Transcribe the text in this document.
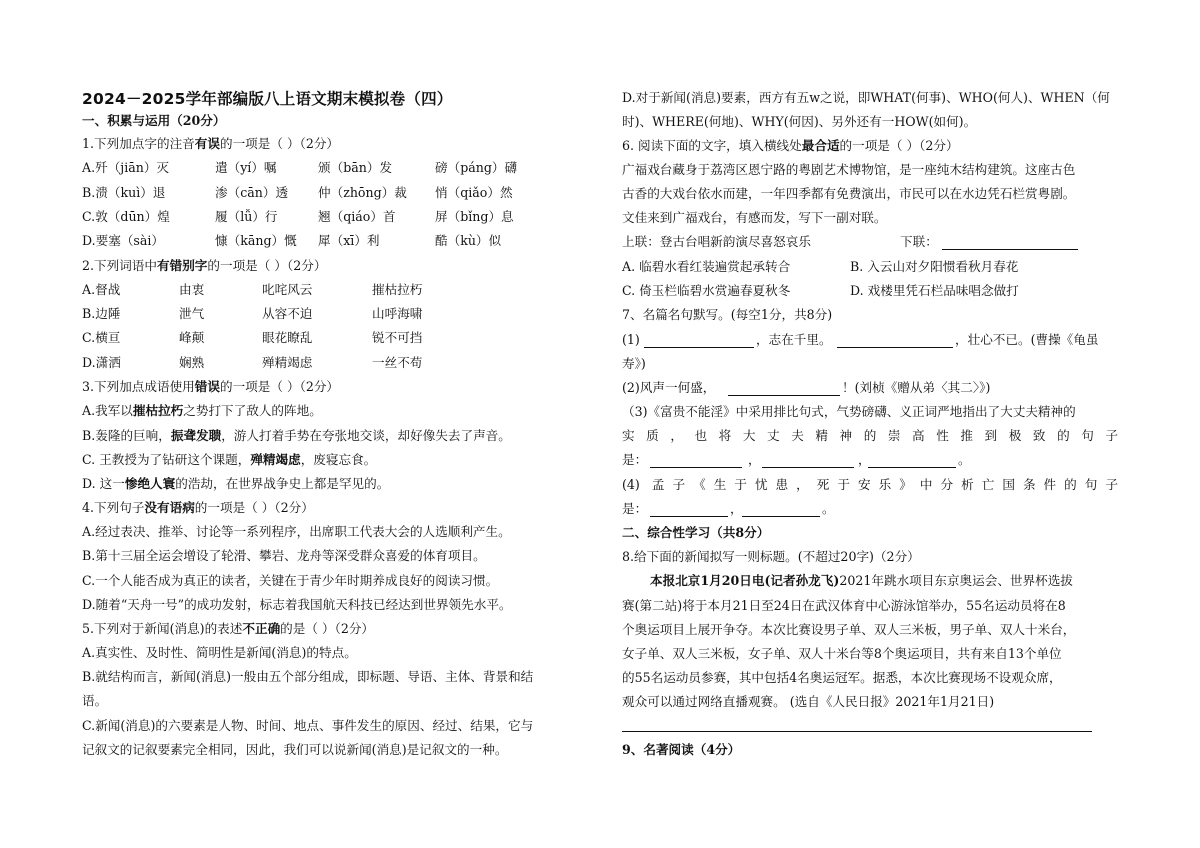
2024－2025学年部编版八上语文期末模拟卷（四）
一、积累与运用（20分）
1.下列加点字的注音有误的一项是（ ）（2分）
A.歼（jiān）灭	遣（yí）嘱	颁（bān）发	磅（páng）礴
B.溃（kuì）退	渗（cān）透 仲（zhōng）裁 悄（qiǎo）然
C.敦（dūn）煌	履（lǚ）行	翘（qiáo）首	屏（bǐng）息
D.要塞（sài）	慷（kāng）慨 犀（xī）利	酷（kù）似
2.下列词语中有错别字的一项是（ ）（2分）
A.督战	由衷	叱咤风云	摧枯拉朽
B.边陲	泄气	从容不迫	山呼海啸
C.横亘	峰颠	眼花瞭乱	锐不可挡
D.潇洒	娴熟	殚精竭虑	一丝不苟
3.下列加点成语使用错误的一项是（ ）（2分）
A.我军以摧枯拉朽之势打下了敌人的阵地。
B.轰隆的巨响，振聋发聩，游人打着手势在夸张地交谈，却好像失去了声音。
C. 王教授为了钻研这个课题，殚精竭虑，废寝忘食。
D. 这一惨绝人寰的浩劫，在世界战争史上都是罕见的。
4.下列句子没有语病的一项是（ ）（2分）
A.经过表决、推举、讨论等一系列程序，出席职工代表大会的人选顺利产生。
B.第十三届全运会增设了轮滑、攀岩、龙舟等深受群众喜爱的体育项目。
C.一个人能否成为真正的读者，关键在于青少年时期养成良好的阅读习惯。
D.随着“天舟一号”的成功发射，标志着我国航天科技已经达到世界领先水平。
5.下列对于新闻(消息)的表述不正确的是（ ）（2分）
A.真实性、及时性、简明性是新闻(消息)的特点。
B.就结构而言，新闻(消息)一般由五个部分组成，即标题、导语、主体、背景和结
语。
C.新闻(消息)的六要素是人物、时间、地点、事件发生的原因、经过、结果，它与
记叙文的记叙要素完全相同，因此，我们可以说新闻(消息)是记叙文的一种。
D.对于新闻(消息)要素，西方有五w之说，即WHAT(何事)、WHO(何人)、WHEN（何
时)、WHERE(何地)、WHY(何因)、另外还有一HOW(如何)。
6. 阅读下面的文字，填入横线处最合适的一项是（ ）（2分）
广福戏台藏身于荔湾区恩宁路的粤剧艺术博物馆，是一座纯木结构建筑。这座古色
古香的大戏台依水而建，一年四季都有免费演出，市民可以在水边凭石栏赏粤剧。
文佳来到广福戏台，有感而发，写下一副对联。
上联：登古台唱新韵演尽喜怒哀乐	下联：
A. 临碧水看红装遍赏起承转合	B. 入云山对夕阳惯看秋月春花
C. 倚玉栏临碧水赏遍春夏秋冬	D. 戏楼里凭石栏品味唱念做打
7、名篇名句默写。(每空1分，共8分)
(1)	，志在千里。	，壮心不已。(曹操《龟虽
寿》)
(2)风声一何盛，	！(刘桢《赠从弟〈其二〉》)
（3)《富贵不能淫》中采用排比句式，气势磅礴、义正词严地指出了大丈夫精神的
实质，也将大丈夫精神的崇高性推到极致的句子
是：	，	，	。
(4) 孟子《生于忧患，死于安乐》中分析亡国条件的句子
是：	，	。
二、综合性学习（共8分）
8.给下面的新闻拟写一则标题。(不超过20字)（2分）
本报北京1月20日电(记者孙龙飞)2021年跳水项目东京奥运会、世界杯选拔
赛(第二站)将于本月21日至24日在武汉体育中心游泳馆举办，55名运动员将在8
个奥运项目上展开争夺。本次比赛设男子单、双人三米板，男子单、双人十米台，
女子单、双人三米板，女子单、双人十米台等8个奥运项目，共有来自13个单位
的55名运动员参赛，其中包括4名奥运冠军。据悉，本次比赛现场不设观众席，
观众可以通过网络直播观赛。 (选自《人民日报》2021年1月21日)
9、名著阅读（4分）
